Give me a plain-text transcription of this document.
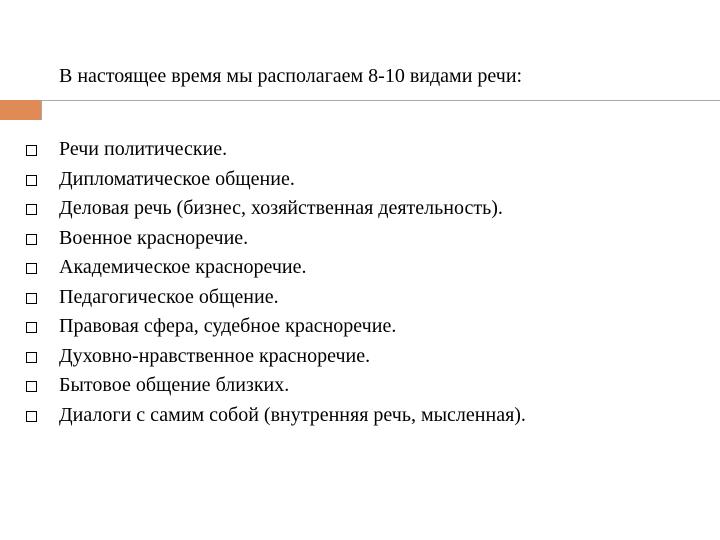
В настоящее время мы располагаем 8-10 видами речи:
Речи политические.
Дипломатическое общение.
Деловая речь (бизнес, хозяйственная деятельность).
Военное красноречие.
Академическое красноречие.
Педагогическое общение.
Правовая сфера, судебное красноречие.
Духовно-нравственное красноречие.
Бытовое общение близких.
Диалоги с самим собой (внутренняя речь, мысленная).
